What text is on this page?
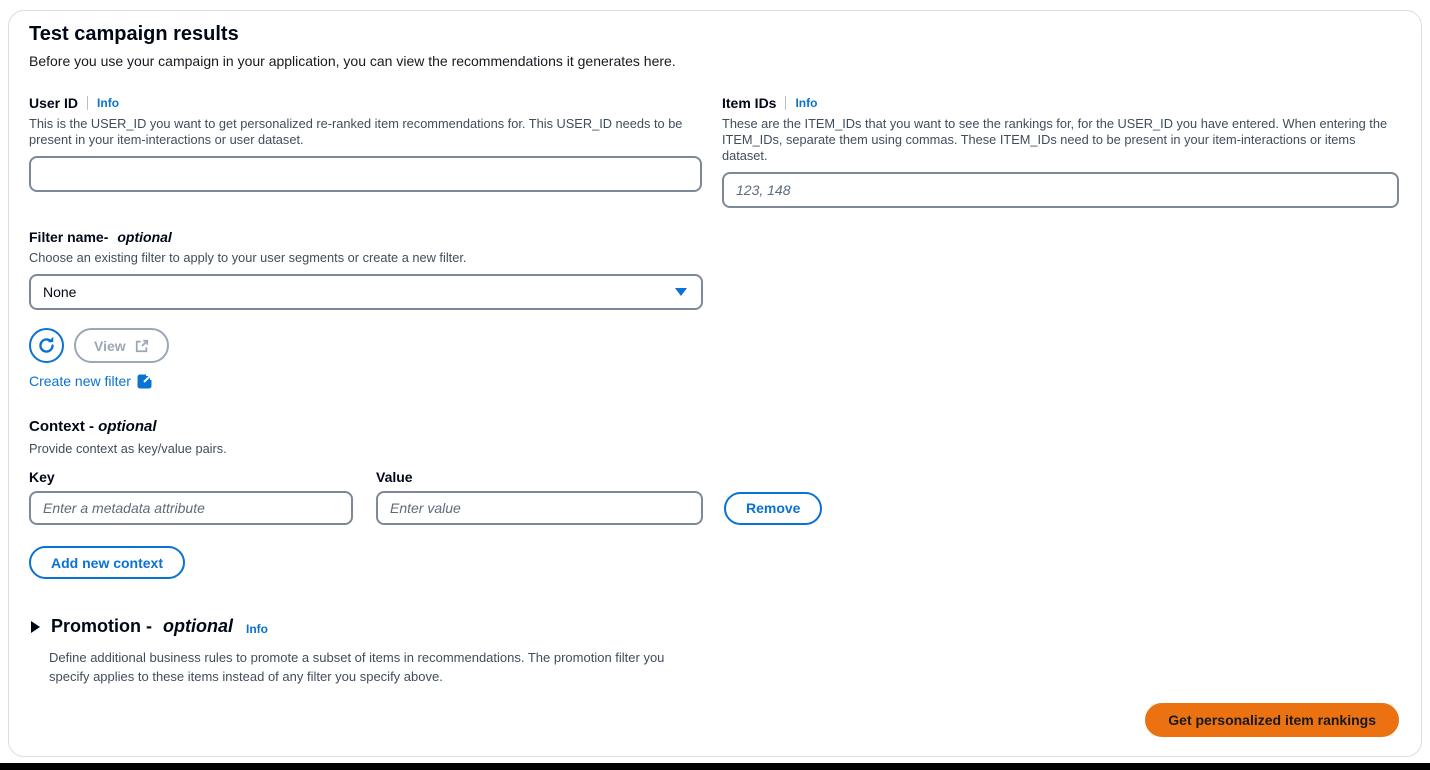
Test campaign results

Before you use your campaign in your application, you can view the recommendations it generates here.

User ID Info

This is the USER_ID you want to get personalized re-ranked item recommendations for. This USER_ID needs to be present in your item-interactions or user dataset.

Item IDs Info

These are the ITEM_IDs that you want to see the rankings for, for the USER_ID you have entered. When entering the ITEM_IDs, separate them using commas. These ITEM_IDs need to be present in your item-interactions or items dataset.

123, 148
Filter name- optional

Choose an existing filter to apply to your user segments or create a new filter.

None
View
Create new filter
Context - optional

Provide context as key/value pairs.

Key	Value
Enter a metadata attribute
Enter value
Remove
Add new context
Promotion - optional Info

Define additional business rules to promote a subset of items in recommendations. The promotion filter you specify applies to these items instead of any filter you specify above.

Get personalized item rankings
